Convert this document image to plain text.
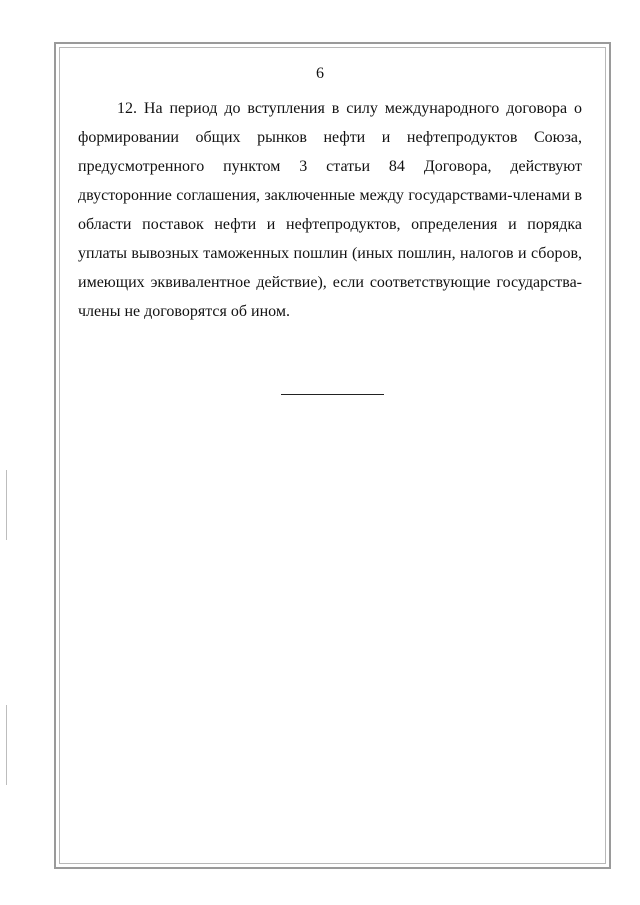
6

12. На период до вступления в силу международного договора о формировании общих рынков нефти и нефтепродуктов Союза, предусмотренного пунктом 3 статьи 84 Договора, действуют двусторонние соглашения, заключенные между государствами-членами в области поставок нефти и нефтепродуктов, определения и порядка уплаты вывозных таможенных пошлин (иных пошлин, налогов и сборов, имеющих эквивалентное действие), если соответствующие государства-члены не договорятся об ином.
